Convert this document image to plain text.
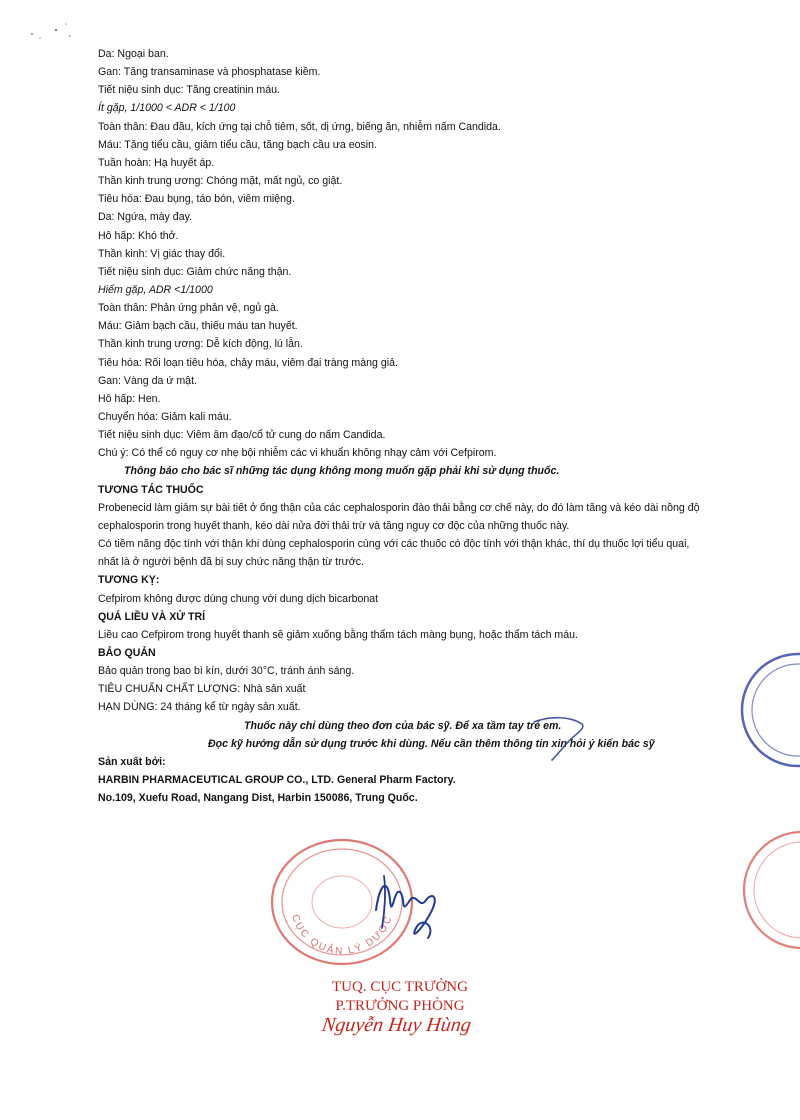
Da: Ngoại ban.

Gan: Tăng transaminase và phosphatase kiềm.

Tiết niệu sinh dục: Tăng creatinin máu.

Ít gặp, 1/1000 < ADR < 1/100

Toàn thân: Đau đầu, kích ứng tại chỗ tiêm, sốt, dị ứng, biếng ăn, nhiễm nấm Candida.

Máu: Tăng tiểu cầu, giảm tiểu cầu, tăng bạch cầu ưa eosin.

Tuần hoàn: Hạ huyết áp.

Thần kinh trung ương: Chóng mặt, mất ngủ, co giật.

Tiêu hóa: Đau bụng, táo bón, viêm miệng.

Da: Ngứa, mày đay.

Hô hấp: Khó thở.

Thần kinh: Vị giác thay đổi.

Tiết niệu sinh dục: Giảm chức năng thận.

Hiếm gặp, ADR <1/1000

Toàn thân: Phản ứng phản vệ, ngủ gà.

Máu: Giảm bạch cầu, thiếu máu tan huyết.

Thần kinh trung ương: Dễ kích động, lú lẫn.

Tiêu hóa: Rối loạn tiêu hóa, chảy máu, viêm đại tràng màng giả.

Gan: Vàng da ứ mật.

Hô hấp: Hen.

Chuyển hóa: Giảm kali máu.

Tiết niệu sinh dục: Viêm âm đạo/cổ tử cung do nấm Candida.

Chú ý: Có thể có nguy cơ nhẹ bội nhiễm các vi khuẩn không nhạy cảm với Cefpirom.

Thông báo cho bác sĩ những tác dụng không mong muốn gặp phải khi sử dụng thuốc.

TƯƠNG TÁC THUỐC

Probenecid làm giảm sự bài tiết ở ống thận của các cephalosporin đào thải bằng cơ chế này, do đó làm tăng và kéo dài nồng độ

cephalosporin trong huyết thanh, kéo dài nửa đời thải trừ và tăng nguy cơ độc của những thuốc này.

Có tiềm năng độc tính với thận khi dùng cephalosporin cùng với các thuốc có độc tính với thận khác, thí dụ thuốc lợi tiểu quai,

nhất là ở người bệnh đã bị suy chức năng thận từ trước.

TƯƠNG KỴ:

Cefpirom không được dùng chung với dung dịch bicarbonat

QUÁ LIỀU VÀ XỬ TRÍ

Liều cao Cefpirom trong huyết thanh sẽ giảm xuống bằng thẩm tách màng bụng, hoặc thẩm tách máu.

BẢO QUẢN

Bảo quản trong bao bì kín, dưới 30°C, tránh ánh sáng.

TIÊU CHUẨN CHẤT LƯỢNG: Nhà sản xuất

HẠN DÙNG: 24 tháng kể từ ngày sản xuất.

Thuốc này chỉ dùng theo đơn của bác sỹ. Để xa tầm tay trẻ em.

Đọc kỹ hướng dẫn sử dụng trước khi dùng. Nếu cần thêm thông tin xin hỏi ý kiến bác sỹ

Sản xuất bởi:

HARBIN PHARMACEUTICAL GROUP CO., LTD. General Pharm Factory.

No.109, Xuefu Road, Nangang Dist, Harbin 150086, Trung Quốc.

CỤC QUẢN LÝ DƯỢC

TUQ. CỤC TRƯỞNG

P.TRƯỞNG PHÒNG

Nguyễn Huy Hùng
